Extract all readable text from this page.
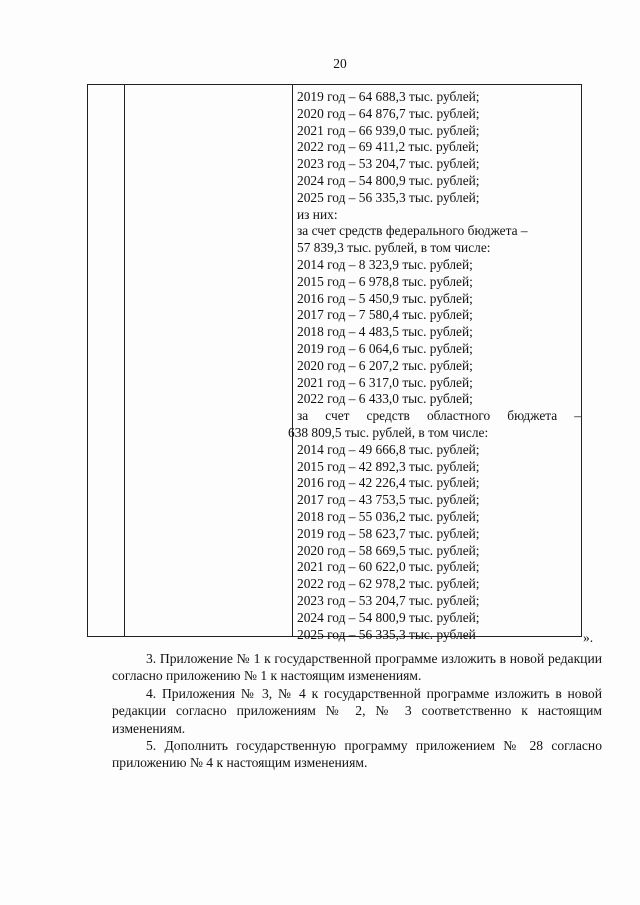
20
2019 год – 64 688,3 тыс. рублей;
2020 год – 64 876,7 тыс. рублей;
2021 год – 66 939,0 тыс. рублей;
2022 год – 69 411,2 тыс. рублей;
2023 год – 53 204,7 тыс. рублей;
2024 год – 54 800,9 тыс. рублей;
2025 год – 56 335,3 тыс. рублей;
из них:
за счет средств федерального бюджета –
57 839,3 тыс. рублей, в том числе:
2014 год – 8 323,9 тыс. рублей;
2015 год – 6 978,8 тыс. рублей;
2016 год – 5 450,9 тыс. рублей;
2017 год – 7 580,4 тыс. рублей;
2018 год – 4 483,5 тыс. рублей;
2019 год – 6 064,6 тыс. рублей;
2020 год – 6 207,2 тыс. рублей;
2021 год – 6 317,0 тыс. рублей;
2022 год – 6 433,0 тыс. рублей;
за счет средств областного бюджета –
638 809,5 тыс. рублей, в том числе:
2014 год – 49 666,8 тыс. рублей;
2015 год – 42 892,3 тыс. рублей;
2016 год – 42 226,4 тыс. рублей;
2017 год – 43 753,5 тыс. рублей;
2018 год – 55 036,2 тыс. рублей;
2019 год – 58 623,7 тыс. рублей;
2020 год – 58 669,5 тыс. рублей;
2021 год – 60 622,0 тыс. рублей;
2022 год – 62 978,2 тыс. рублей;
2023 год – 53 204,7 тыс. рублей;
2024 год – 54 800,9 тыс. рублей;
2025 год – 56 335,3 тыс. рублей	».

3. Приложение № 1 к государственной программе изложить в новой редакции согласно приложению № 1 к настоящим изменениям.

4. Приложения № 3, № 4 к государственной программе изложить в новой редакции согласно приложениям № 2, № 3 соответственно к настоящим изменениям.

5. Дополнить государственную программу приложением № 28 согласно приложению № 4 к настоящим изменениям.
